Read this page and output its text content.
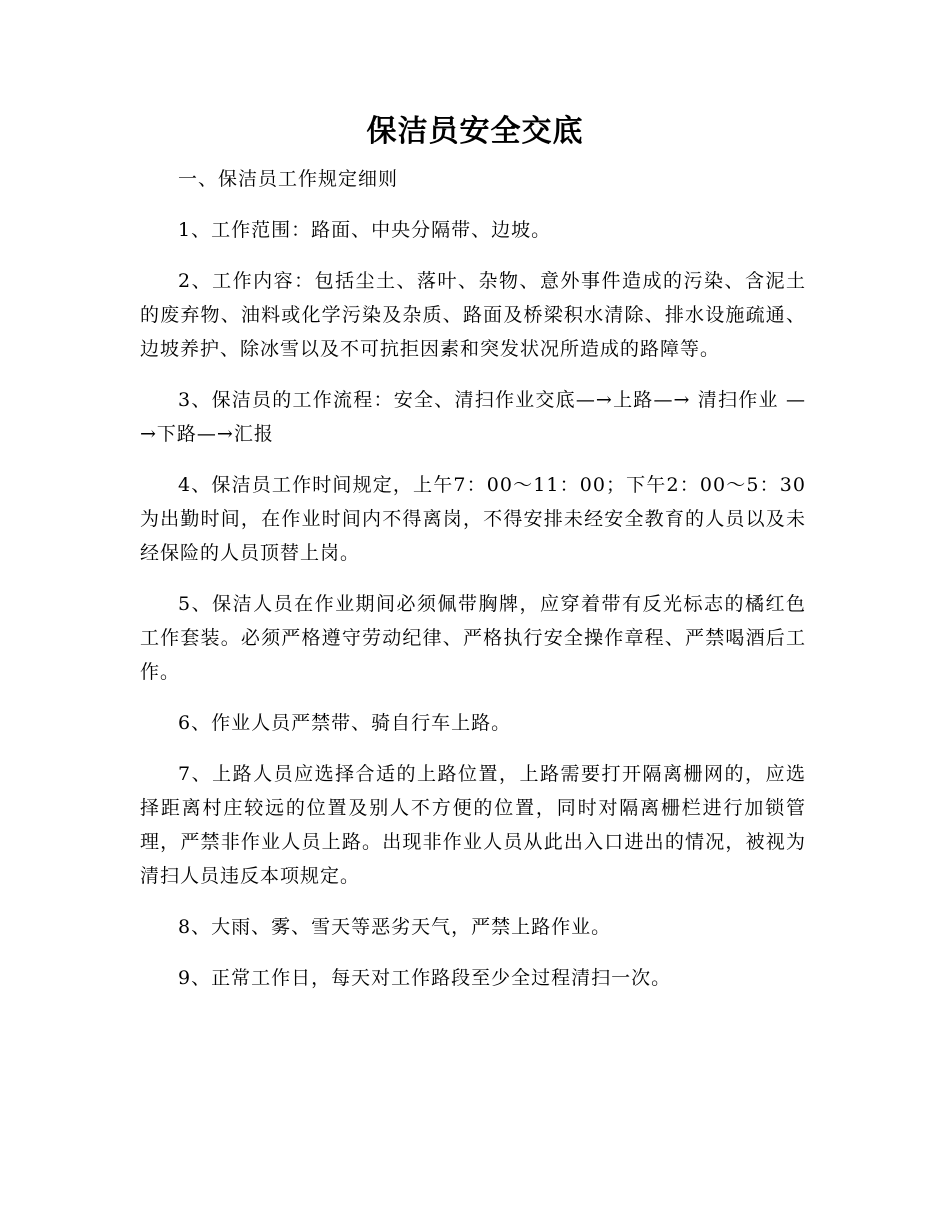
保洁员安全交底

一、保洁员工作规定细则

1、工作范围：路面、中央分隔带、边坡。

2、工作内容：包括尘土、落叶、杂物、意外事件造成的污染、含泥土的废弃物、油料或化学污染及杂质、路面及桥梁积水清除、排水设施疏通、边坡养护、除冰雪以及不可抗拒因素和突发状况所造成的路障等。

3、保洁员的工作流程：安全、清扫作业交底—→上路—→ 清扫作业 —→下路—→汇报

4、保洁员工作时间规定，上午7：00～11：00；下午2：00～5：30为出勤时间，在作业时间内不得离岗，不得安排未经安全教育的人员以及未经保险的人员顶替上岗。

5、保洁人员在作业期间必须佩带胸牌，应穿着带有反光标志的橘红色工作套装。必须严格遵守劳动纪律、严格执行安全操作章程、严禁喝酒后工作。

6、作业人员严禁带、骑自行车上路。

7、上路人员应选择合适的上路位置，上路需要打开隔离栅网的，应选择距离村庄较远的位置及别人不方便的位置，同时对隔离栅栏进行加锁管理，严禁非作业人员上路。出现非作业人员从此出入口进出的情况，被视为清扫人员违反本项规定。

8、大雨、雾、雪天等恶劣天气，严禁上路作业。

9、正常工作日，每天对工作路段至少全过程清扫一次。
